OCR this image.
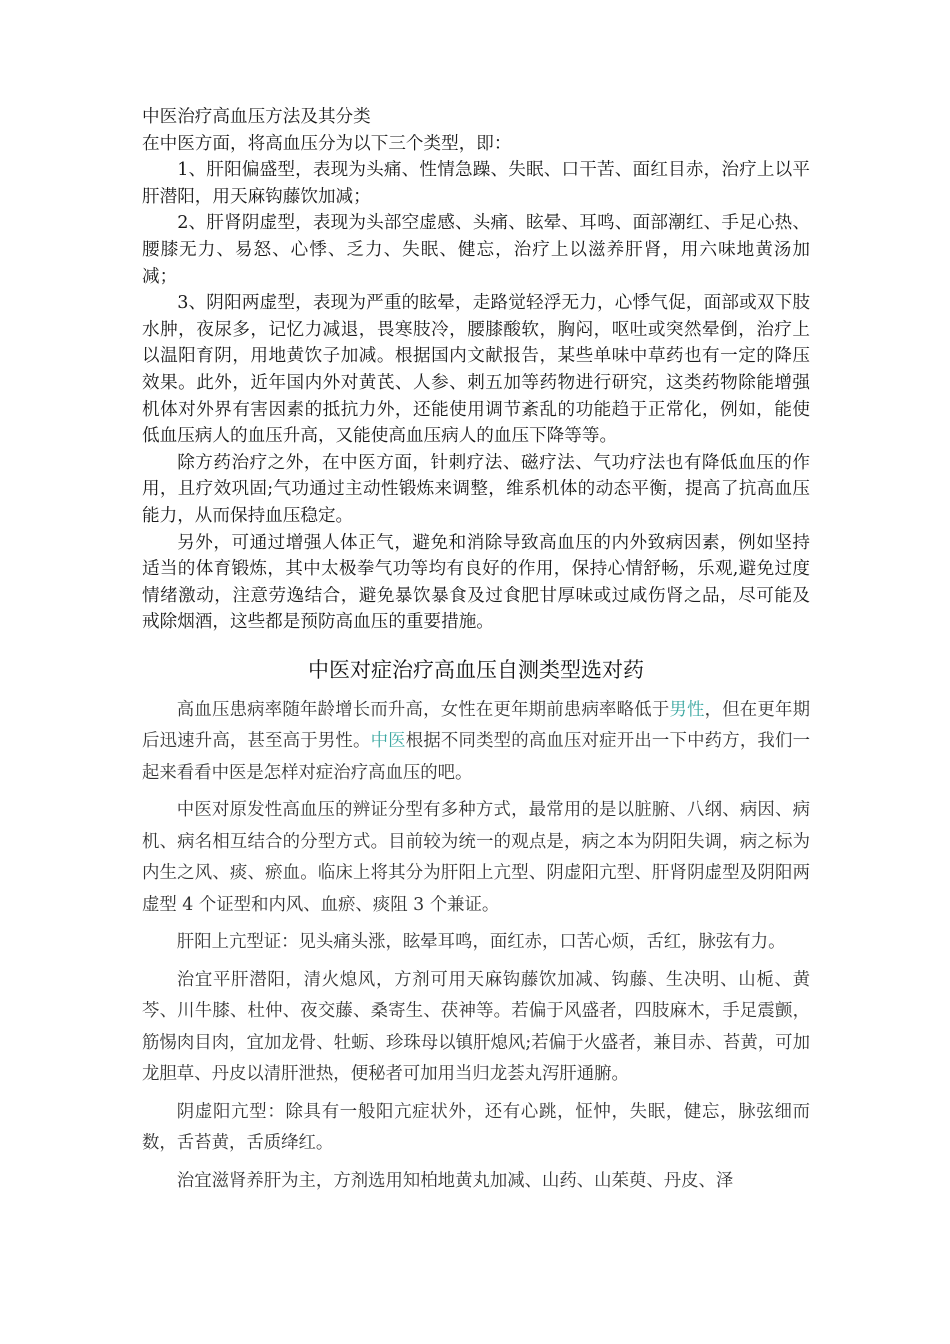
中医治疗高血压方法及其分类

在中医方面，将高血压分为以下三个类型，即：

1、肝阳偏盛型，表现为头痛、性情急躁、失眠、口干苦、面红目赤，治疗上以平肝潜阳，用天麻钩藤饮加减；

2、肝肾阴虚型，表现为头部空虚感、头痛、眩晕、耳鸣、面部潮红、手足心热、腰膝无力、易怒、心悸、乏力、失眠、健忘，治疗上以滋养肝肾，用六味地黄汤加减；

3、阴阳两虚型，表现为严重的眩晕，走路觉轻浮无力，心悸气促，面部或双下肢水肿，夜尿多，记忆力减退，畏寒肢冷，腰膝酸软，胸闷，呕吐或突然晕倒，治疗上以温阳育阴，用地黄饮子加减。根据国内文献报告，某些单味中草药也有一定的降压效果。此外，近年国内外对黄芪、人参、刺五加等药物进行研究，这类药物除能增强机体对外界有害因素的抵抗力外，还能使用调节紊乱的功能趋于正常化，例如，能使低血压病人的血压升高，又能使高血压病人的血压下降等等。

除方药治疗之外，在中医方面，针刺疗法、磁疗法、气功疗法也有降低血压的作用，且疗效巩固;气功通过主动性锻炼来调整，维系机体的动态平衡，提高了抗高血压能力，从而保持血压稳定。

另外，可通过增强人体正气，避免和消除导致高血压的内外致病因素，例如坚持适当的体育锻炼，其中太极拳气功等均有良好的作用，保持心情舒畅，乐观,避免过度情绪激动，注意劳逸结合，避免暴饮暴食及过食肥甘厚味或过咸伤肾之品，尽可能及戒除烟酒，这些都是预防高血压的重要措施。

中医对症治疗高血压自测类型选对药

高血压患病率随年龄增长而升高，女性在更年期前患病率略低于男性，但在更年期后迅速升高，甚至高于男性。中医根据不同类型的高血压对症开出一下中药方，我们一起来看看中医是怎样对症治疗高血压的吧。

中医对原发性高血压的辨证分型有多种方式，最常用的是以脏腑、八纲、病因、病机、病名相互结合的分型方式。目前较为统一的观点是，病之本为阴阳失调，病之标为内生之风、痰、瘀血。临床上将其分为肝阳上亢型、阴虚阳亢型、肝肾阴虚型及阴阳两虚型 4 个证型和内风、血瘀、痰阻 3 个兼证。

肝阳上亢型证：见头痛头涨，眩晕耳鸣，面红赤，口苦心烦，舌红，脉弦有力。

治宜平肝潜阳，清火熄风，方剂可用天麻钩藤饮加减、钩藤、生决明、山栀、黄芩、川牛膝、杜仲、夜交藤、桑寄生、茯神等。若偏于风盛者，四肢麻木，手足震颤，筋惕肉目肉，宜加龙骨、牡蛎、珍珠母以镇肝熄风;若偏于火盛者，兼目赤、苔黄，可加龙胆草、丹皮以清肝泄热，便秘者可加用当归龙荟丸泻肝通腑。

阴虚阳亢型：除具有一般阳亢症状外，还有心跳，怔忡，失眠，健忘，脉弦细而数，舌苔黄，舌质绛红。

治宜滋肾养肝为主，方剂选用知柏地黄丸加减、山药、山茱萸、丹皮、泽
